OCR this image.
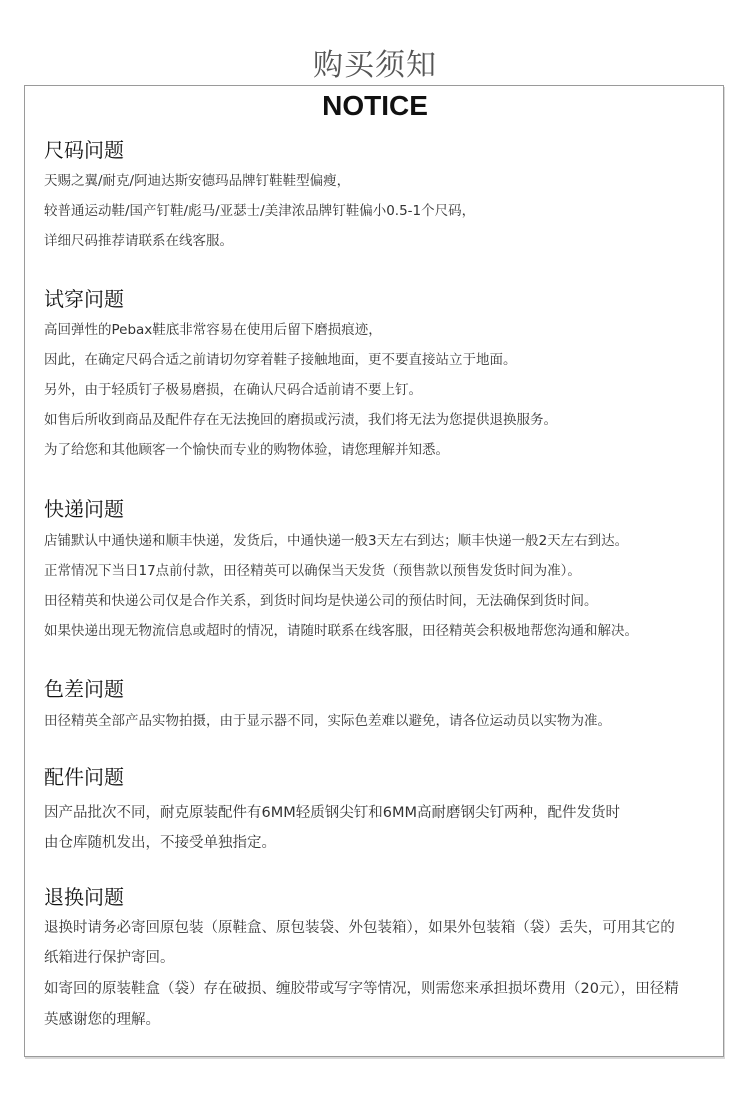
购买须知
NOTICE
尺码问题
天赐之翼/耐克/阿迪达斯安德玛品牌钉鞋鞋型偏瘦，
较普通运动鞋/国产钉鞋/彪马/亚瑟士/美津浓品牌钉鞋偏小0.5-1个尺码，
详细尺码推荐请联系在线客服。
试穿问题
高回弹性的Pebax鞋底非常容易在使用后留下磨损痕迹，
因此，在确定尺码合适之前请切勿穿着鞋子接触地面，更不要直接站立于地面。
另外，由于轻质钉子极易磨损，在确认尺码合适前请不要上钉。
如售后所收到商品及配件存在无法挽回的磨损或污渍，我们将无法为您提供退换服务。
为了给您和其他顾客一个愉快而专业的购物体验，请您理解并知悉。
快递问题
店铺默认中通快递和顺丰快递，发货后，中通快递一般3天左右到达；顺丰快递一般2天左右到达。
正常情况下当日17点前付款，田径精英可以确保当天发货（预售款以预售发货时间为准）。
田径精英和快递公司仅是合作关系，到货时间均是快递公司的预估时间，无法确保到货时间。
如果快递出现无物流信息或超时的情况，请随时联系在线客服，田径精英会积极地帮您沟通和解决。
色差问题
田径精英全部产品实物拍摄，由于显示器不同，实际色差难以避免，请各位运动员以实物为准。
配件问题
因产品批次不同，耐克原装配件有6MM轻质钢尖钉和6MM高耐磨钢尖钉两种，配件发货时
由仓库随机发出，不接受单独指定。
退换问题
退换时请务必寄回原包装（原鞋盒、原包装袋、外包装箱），如果外包装箱（袋）丢失，可用其它的
纸箱进行保护寄回。
如寄回的原装鞋盒（袋）存在破损、缠胶带或写字等情况，则需您来承担损坏费用（20元），田径精
英感谢您的理解。
